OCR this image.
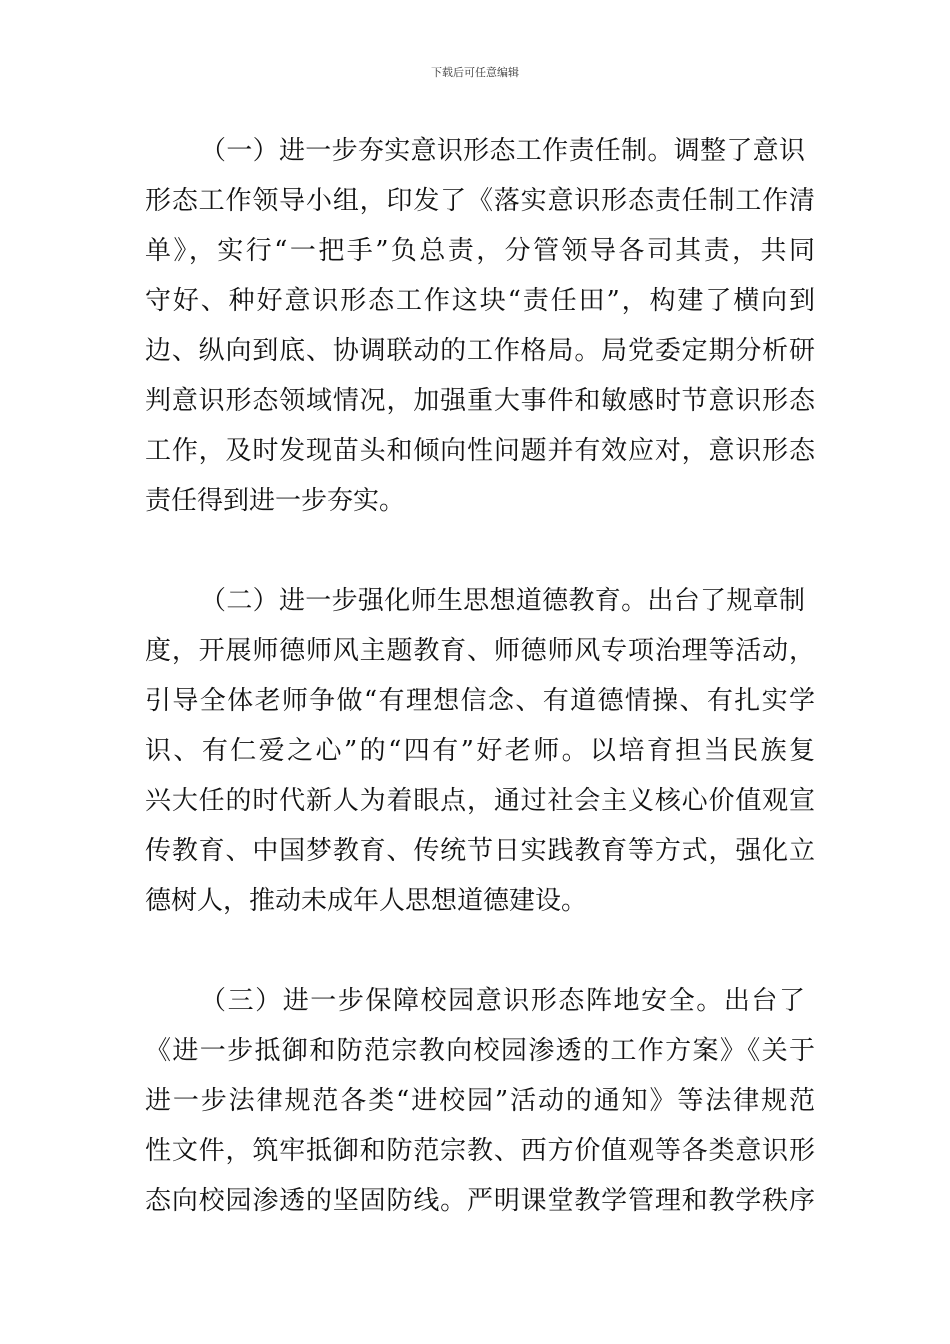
下载后可任意编辑
（一）进一步夯实意识形态工作责任制。调整了意识
形态工作领导小组，印发了《落实意识形态责任制工作清
单》，实行“一把手”负总责，分管领导各司其责，共同
守好、种好意识形态工作这块“责任田”，构建了横向到
边、纵向到底、协调联动的工作格局。局党委定期分析研
判意识形态领域情况，加强重大事件和敏感时节意识形态
工作，及时发现苗头和倾向性问题并有效应对，意识形态
责任得到进一步夯实。
（二）进一步强化师生思想道德教育。出台了规章制
度，开展师德师风主题教育、师德师风专项治理等活动，
引导全体老师争做“有理想信念、有道德情操、有扎实学
识、有仁爱之心”的“四有”好老师。以培育担当民族复
兴大任的时代新人为着眼点，通过社会主义核心价值观宣
传教育、中国梦教育、传统节日实践教育等方式，强化立
德树人，推动未成年人思想道德建设。
（三）进一步保障校园意识形态阵地安全。出台了
《进一步抵御和防范宗教向校园渗透的工作方案》《关于
进一步法律规范各类“进校园”活动的通知》等法律规范
性文件，筑牢抵御和防范宗教、西方价值观等各类意识形
态向校园渗透的坚固防线。严明课堂教学管理和教学秩序
